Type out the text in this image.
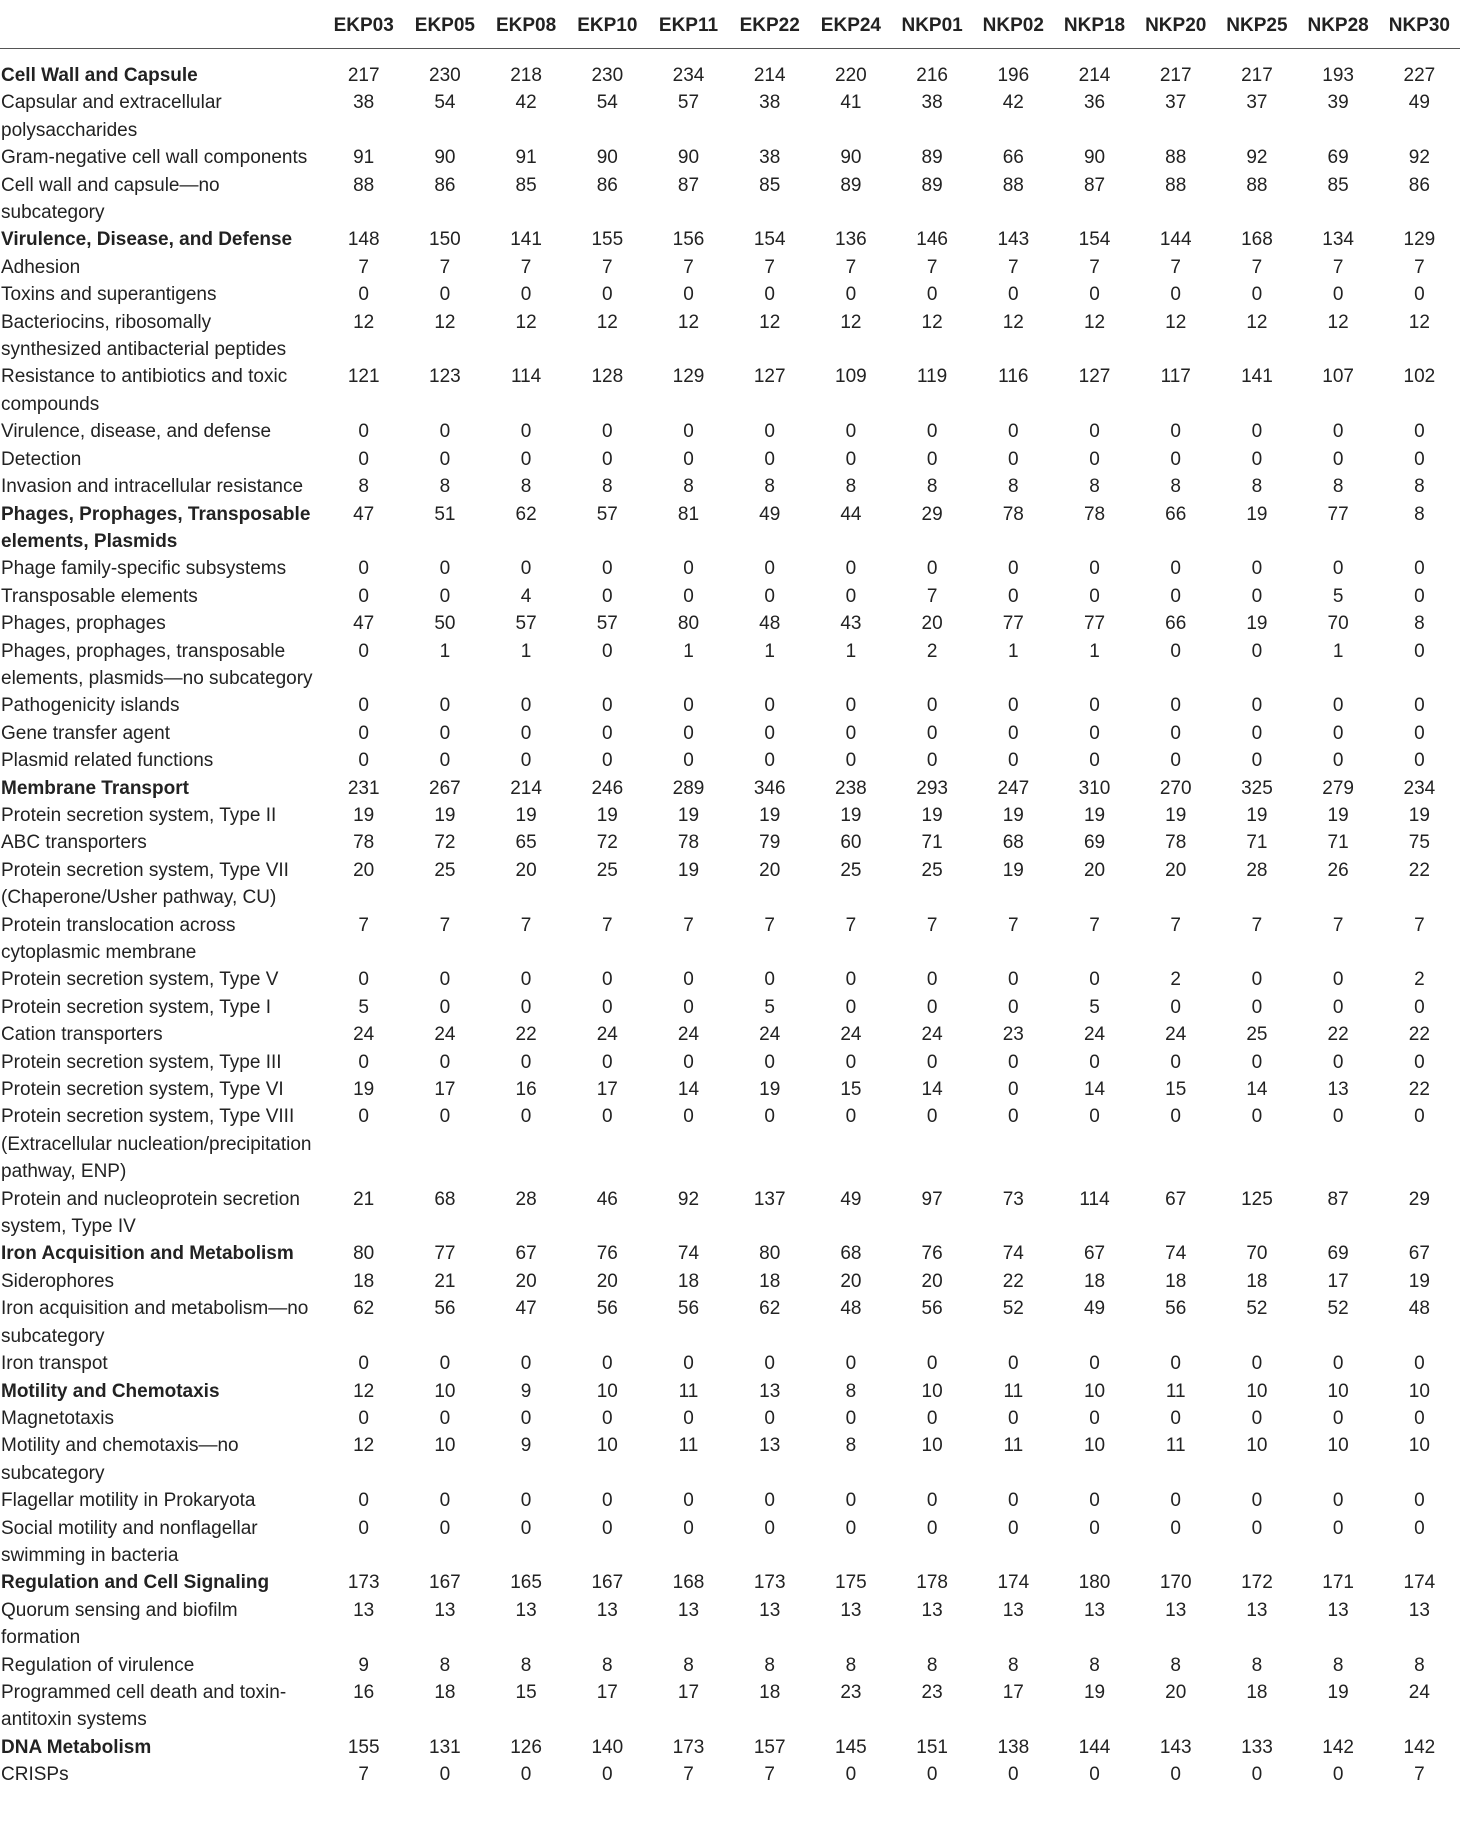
	EKP03	EKP05	EKP08	EKP10	EKP11	EKP22	EKP24	NKP01	NKP02	NKP18	NKP20	NKP25	NKP28	NKP30
Cell Wall and Capsule	217	230	218	230	234	214	220	216	196	214	217	217	193	227
Capsular and extracellular polysaccharides	38	54	42	54	57	38	41	38	42	36	37	37	39	49
Gram-negative cell wall components	91	90	91	90	90	38	90	89	66	90	88	92	69	92
Cell wall and capsule—no subcategory	88	86	85	86	87	85	89	89	88	87	88	88	85	86
Virulence, Disease, and Defense	148	150	141	155	156	154	136	146	143	154	144	168	134	129
Adhesion	7	7	7	7	7	7	7	7	7	7	7	7	7	7
Toxins and superantigens	0	0	0	0	0	0	0	0	0	0	0	0	0	0
Bacteriocins, ribosomally synthesized antibacterial peptides	12	12	12	12	12	12	12	12	12	12	12	12	12	12
Resistance to antibiotics and toxic compounds	121	123	114	128	129	127	109	119	116	127	117	141	107	102
Virulence, disease, and defense	0	0	0	0	0	0	0	0	0	0	0	0	0	0
Detection	0	0	0	0	0	0	0	0	0	0	0	0	0	0
Invasion and intracellular resistance	8	8	8	8	8	8	8	8	8	8	8	8	8	8
Phages, Prophages, Transposable elements, Plasmids	47	51	62	57	81	49	44	29	78	78	66	19	77	8
Phage family-specific subsystems	0	0	0	0	0	0	0	0	0	0	0	0	0	0
Transposable elements	0	0	4	0	0	0	0	7	0	0	0	0	5	0
Phages, prophages	47	50	57	57	80	48	43	20	77	77	66	19	70	8
Phages, prophages, transposable elements, plasmids—no subcategory	0	1	1	0	1	1	1	2	1	1	0	0	1	0
Pathogenicity islands	0	0	0	0	0	0	0	0	0	0	0	0	0	0
Gene transfer agent	0	0	0	0	0	0	0	0	0	0	0	0	0	0
Plasmid related functions	0	0	0	0	0	0	0	0	0	0	0	0	0	0
Membrane Transport	231	267	214	246	289	346	238	293	247	310	270	325	279	234
Protein secretion system, Type II	19	19	19	19	19	19	19	19	19	19	19	19	19	19
ABC transporters	78	72	65	72	78	79	60	71	68	69	78	71	71	75
Protein secretion system, Type VII (Chaperone/Usher pathway, CU)	20	25	20	25	19	20	25	25	19	20	20	28	26	22
Protein translocation across cytoplasmic membrane	7	7	7	7	7	7	7	7	7	7	7	7	7	7
Protein secretion system, Type V	0	0	0	0	0	0	0	0	0	0	2	0	0	2
Protein secretion system, Type I	5	0	0	0	0	5	0	0	0	5	0	0	0	0
Cation transporters	24	24	22	24	24	24	24	24	23	24	24	25	22	22
Protein secretion system, Type III	0	0	0	0	0	0	0	0	0	0	0	0	0	0
Protein secretion system, Type VI	19	17	16	17	14	19	15	14	0	14	15	14	13	22
Protein secretion system, Type VIII (Extracellular nucleation/precipitation pathway, ENP)	0	0	0	0	0	0	0	0	0	0	0	0	0	0
Protein and nucleoprotein secretion system, Type IV	21	68	28	46	92	137	49	97	73	114	67	125	87	29
Iron Acquisition and Metabolism	80	77	67	76	74	80	68	76	74	67	74	70	69	67
Siderophores	18	21	20	20	18	18	20	20	22	18	18	18	17	19
Iron acquisition and metabolism—no subcategory	62	56	47	56	56	62	48	56	52	49	56	52	52	48
Iron transpot	0	0	0	0	0	0	0	0	0	0	0	0	0	0
Motility and Chemotaxis	12	10	9	10	11	13	8	10	11	10	11	10	10	10
Magnetotaxis	0	0	0	0	0	0	0	0	0	0	0	0	0	0
Motility and chemotaxis—no subcategory	12	10	9	10	11	13	8	10	11	10	11	10	10	10
Flagellar motility in Prokaryota	0	0	0	0	0	0	0	0	0	0	0	0	0	0
Social motility and nonflagellar swimming in bacteria	0	0	0	0	0	0	0	0	0	0	0	0	0	0
Regulation and Cell Signaling	173	167	165	167	168	173	175	178	174	180	170	172	171	174
Quorum sensing and biofilm formation	13	13	13	13	13	13	13	13	13	13	13	13	13	13
Regulation of virulence	9	8	8	8	8	8	8	8	8	8	8	8	8	8
Programmed cell death and toxin-antitoxin systems	16	18	15	17	17	18	23	23	17	19	20	18	19	24
DNA Metabolism	155	131	126	140	173	157	145	151	138	144	143	133	142	142
CRISPs	7	0	0	0	7	7	0	0	0	0	0	0	0	7
